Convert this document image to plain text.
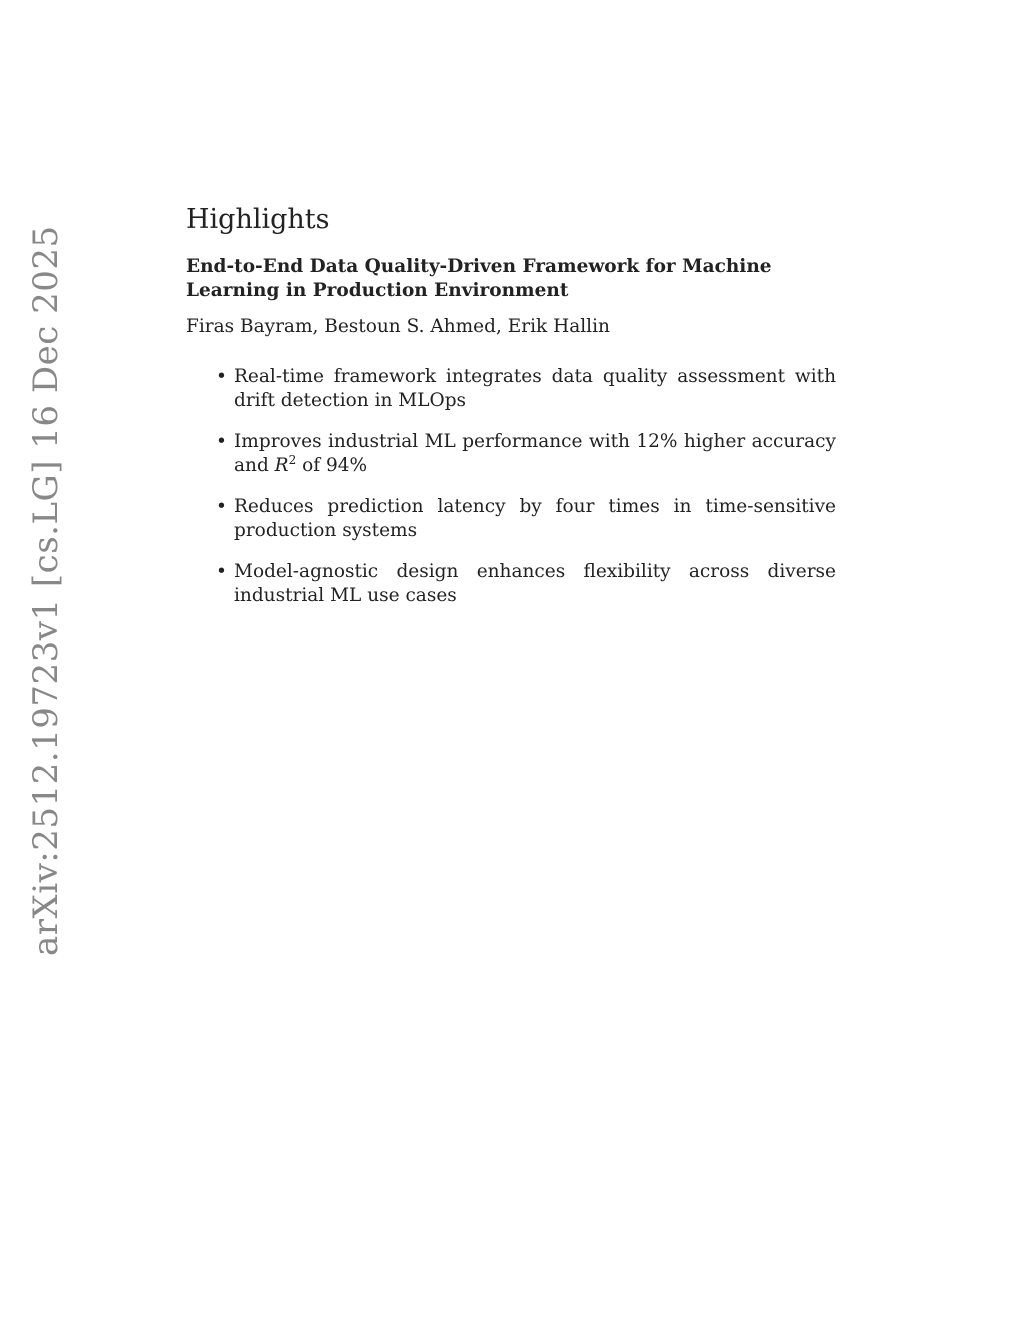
arXiv:2512.19723v1 [cs.LG] 16 Dec 2025
Highlights
End-to-End Data Quality-Driven Framework for Machine Learning in Production Environment
Firas Bayram, Bestoun S. Ahmed, Erik Hallin
• Real-time framework integrates data quality assessment with drift detection in MLOps
• Improves industrial ML performance with 12% higher accuracy and $R^2$ of 94%
• Reduces prediction latency by four times in time-sensitive production systems
• Model-agnostic design enhances flexibility across diverse industrial ML use cases
